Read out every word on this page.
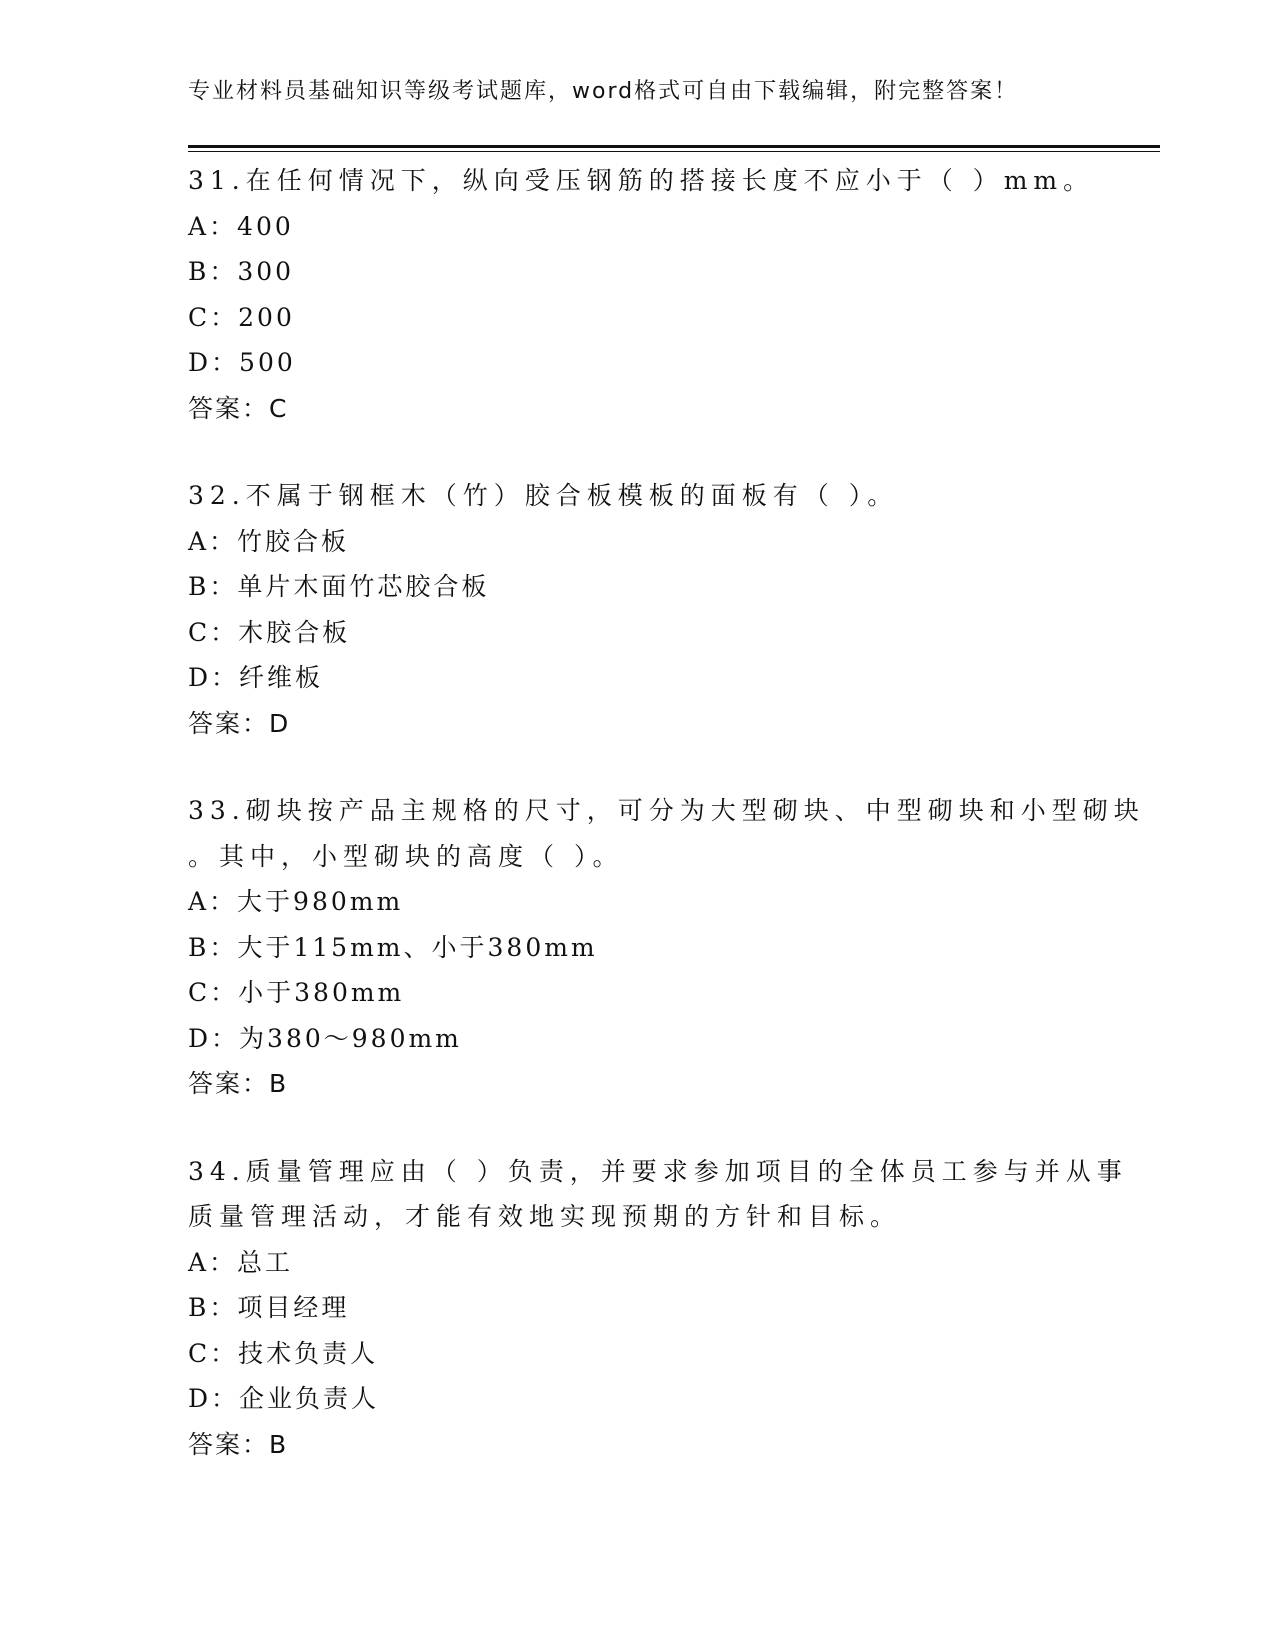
专业材料员基础知识等级考试题库，word格式可自由下载编辑，附完整答案！
31.在任何情况下，纵向受压钢筋的搭接长度不应小于（ ）mm。
A：400
B：300
C：200
D：500
答案：C
32.不属于钢框木（竹）胶合板模板的面板有（ ）。
A：竹胶合板
B：单片木面竹芯胶合板
C：木胶合板
D：纤维板
答案：D
33.砌块按产品主规格的尺寸，可分为大型砌块、中型砌块和小型砌块
。其中，小型砌块的高度（ ）。
A：大于980mm
B：大于115mm、小于380mm
C：小于380mm
D：为380～980mm
答案：B
34.质量管理应由（ ）负责，并要求参加项目的全体员工参与并从事
质量管理活动，才能有效地实现预期的方针和目标。
A：总工
B：项目经理
C：技术负责人
D：企业负责人
答案：B
